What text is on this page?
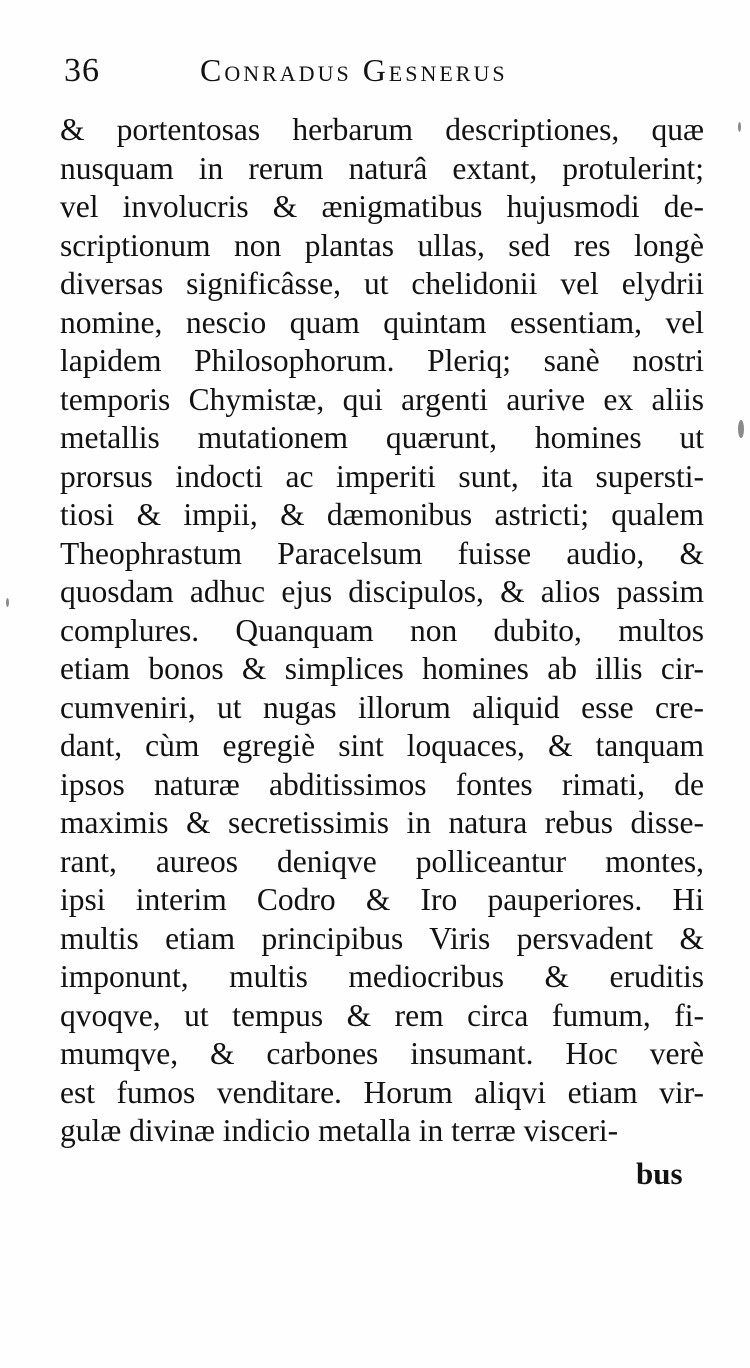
36	Conradus Gesnerus
& portentosas herbarum descriptiones, quæ
nusquam in rerum naturâ extant, protulerint;
vel involucris & ænigmatibus hujusmodi de-
scriptionum non plantas ullas, sed res longè
diversas significâsse, ut chelidonii vel elydrii
nomine, nescio quam quintam essentiam, vel
lapidem Philosophorum. Pleriq; sanè nostri
temporis Chymistæ, qui argenti aurive ex aliis
metallis mutationem quærunt, homines ut
prorsus indocti ac imperiti sunt, ita supersti-
tiosi & impii, & dæmonibus astricti; qualem
Theophrastum Paracelsum fuisse audio, &
quosdam adhuc ejus discipulos, & alios passim
complures. Quanquam non dubito, multos
etiam bonos & simplices homines ab illis cir-
cumveniri, ut nugas illorum aliquid esse cre-
dant, cùm egregiè sint loquaces, & tanquam
ipsos naturæ abditissimos fontes rimati, de
maximis & secretissimis in natura rebus disse-
rant, aureos deniqve polliceantur montes,
ipsi interim Codro & Iro pauperiores. Hi
multis etiam principibus Viris persvadent &
imponunt, multis mediocribus & eruditis
qvoqve, ut tempus & rem circa fumum, fi-
mumqve, & carbones insumant. Hoc verè
est fumos venditare. Horum aliqvi etiam vir-
gulæ divinæ indicio metalla in terræ visceri-
bus
